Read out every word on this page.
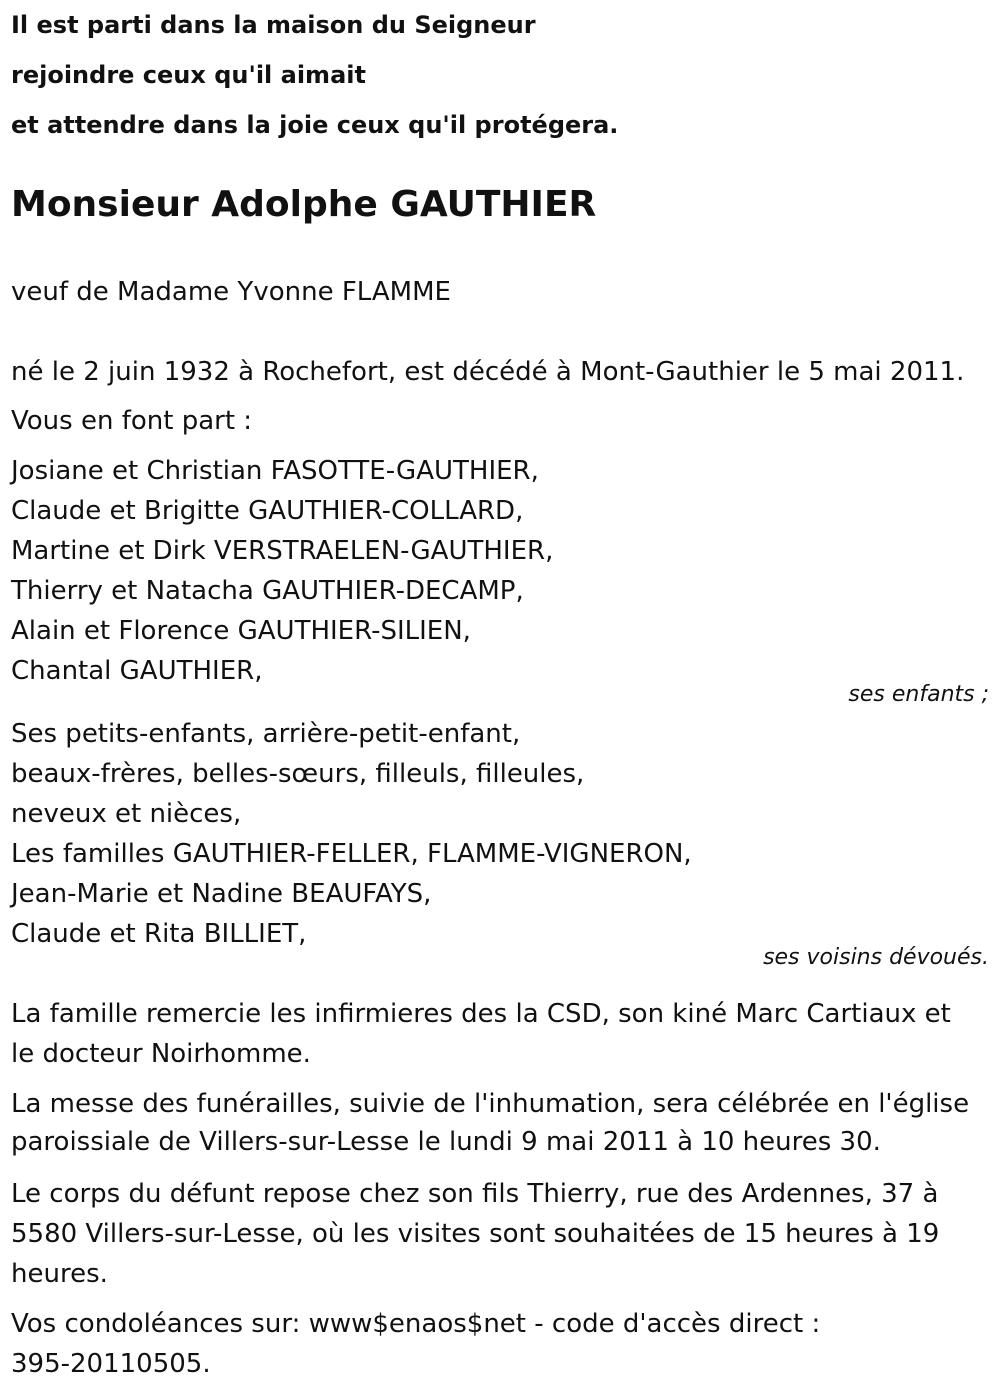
Il est parti dans la maison du Seigneur

rejoindre ceux qu'il aimait

et attendre dans la joie ceux qu'il protégera.

Monsieur Adolphe GAUTHIER

veuf de Madame Yvonne FLAMME

né le 2 juin 1932 à Rochefort, est décédé à Mont-Gauthier le 5 mai 2011.

Vous en font part :

Josiane et Christian FASOTTE-GAUTHIER,

Claude et Brigitte GAUTHIER-COLLARD,

Martine et Dirk VERSTRAELEN-GAUTHIER,

Thierry et Natacha GAUTHIER-DECAMP,

Alain et Florence GAUTHIER-SILIEN,

Chantal GAUTHIER,

ses enfants ;

Ses petits-enfants, arrière-petit-enfant,

beaux-frères, belles-sœurs, filleuls, filleules,

neveux et nièces,

Les familles GAUTHIER-FELLER, FLAMME-VIGNERON,

Jean-Marie et Nadine BEAUFAYS,

Claude et Rita BILLIET,

ses voisins dévoués.

La famille remercie les infirmieres des la CSD, son kiné Marc Cartiaux et

le docteur Noirhomme.

La messe des funérailles, suivie de l'inhumation, sera célébrée en l'église

paroissiale de Villers-sur-Lesse le lundi 9 mai 2011 à 10 heures 30.

Le corps du défunt repose chez son fils Thierry, rue des Ardennes, 37 à

5580 Villers-sur-Lesse, où les visites sont souhaitées de 15 heures à 19

heures.

Vos condoléances sur: www$enaos$net - code d'accès direct :

395-20110505.
